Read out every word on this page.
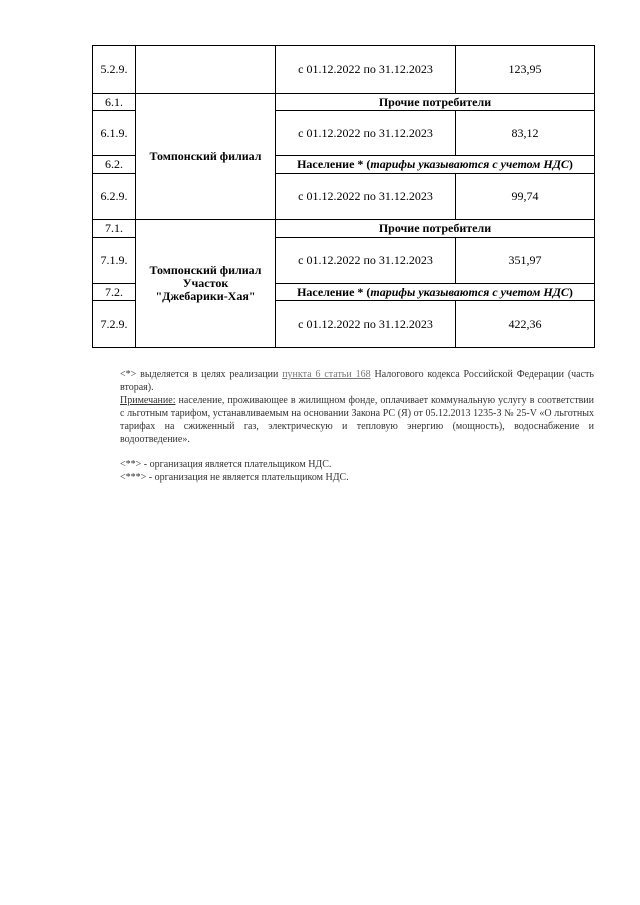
5.2.9.		с 01.12.2022 по 31.12.2023	123,95
6.1.	Томпонский филиал	Прочие потребители	
6.1.9.		с 01.12.2022 по 31.12.2023	83,12
6.2.		Население * (тарифы указываются с учетом НДС)	
6.2.9.		с 01.12.2022 по 31.12.2023	99,74
7.1.	Томпонский филиал
Участок
"Джебарики-Хая"	Прочие потребители	
7.1.9.		с 01.12.2022 по 31.12.2023	351,97
7.2.		Население * (тарифы указываются с учетом НДС)	
7.2.9.		с 01.12.2022 по 31.12.2023	422,36

<*> выделяется в целях реализации пункта 6 статьи 168 Налогового кодекса Российской Федерации (часть вторая).

Примечание: население, проживающее в жилищном фонде, оплачивает коммунальную услугу в соответствии с льготным тарифом, устанавливаемым на основании Закона РС (Я) от 05.12.2013 1235-З № 25-V «О льготных тарифах на сжиженный газ, электрическую и тепловую энергию (мощность), водоснабжение и водоотведение».

<**> - организация является плательщиком НДС.

<***> - организация не является плательщиком НДС.
